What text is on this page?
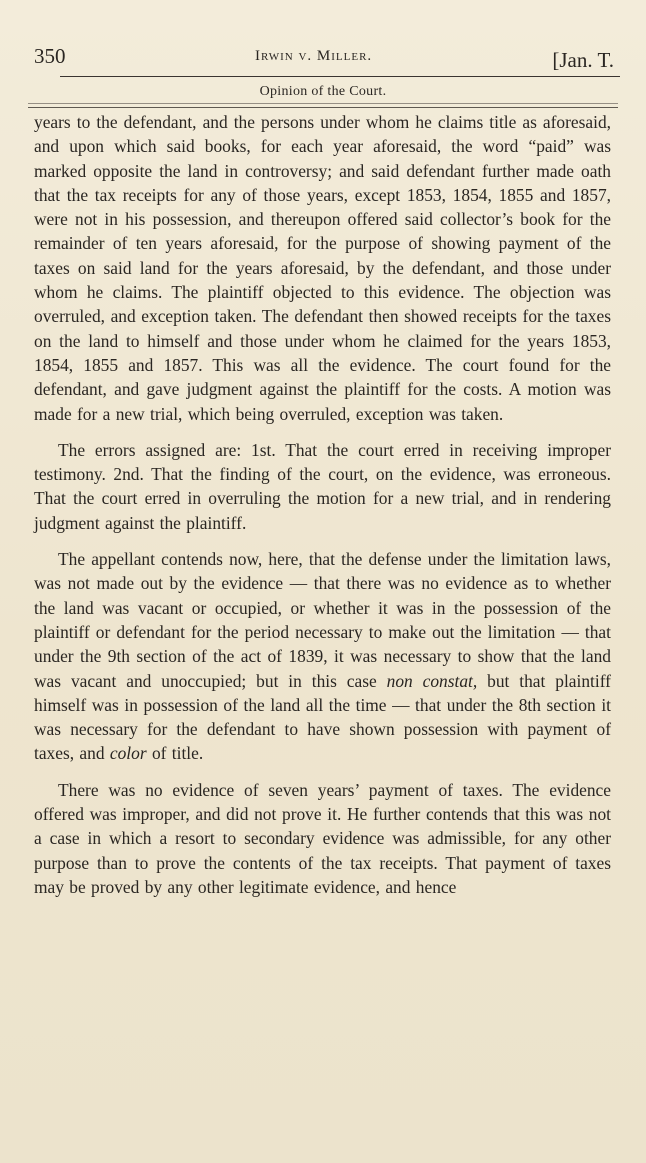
350	Irwin v. Miller.	[Jan. T.
Opinion of the Court.

years to the defendant, and the persons under whom he claims title as aforesaid, and upon which said books, for each year aforesaid, the word “paid” was marked opposite the land in controversy; and said defendant further made oath that the tax receipts for any of those years, except 1853, 1854, 1855 and 1857, were not in his possession, and thereupon offered said collector’s book for the remainder of ten years aforesaid, for the purpose of showing payment of the taxes on said land for the years aforesaid, by the defendant, and those under whom he claims. The plaintiff objected to this evidence. The objection was overruled, and exception taken. The defendant then showed receipts for the taxes on the land to himself and those under whom he claimed for the years 1853, 1854, 1855 and 1857. This was all the evidence. The court found for the defendant, and gave judgment against the plaintiff for the costs. A motion was made for a new trial, which being overruled, exception was taken.

The errors assigned are: 1st. That the court erred in receiving improper testimony. 2nd. That the finding of the court, on the evidence, was erroneous. That the court erred in overruling the motion for a new trial, and in rendering judgment against the plaintiff.

The appellant contends now, here, that the defense under the limitation laws, was not made out by the evidence — that there was no evidence as to whether the land was vacant or occupied, or whether it was in the possession of the plaintiff or defendant for the period necessary to make out the limitation — that under the 9th section of the act of 1839, it was necessary to show that the land was vacant and unoccupied; but in this case non constat, but that plaintiff himself was in possession of the land all the time — that under the 8th section it was necessary for the defendant to have shown possession with payment of taxes, and color of title.

There was no evidence of seven years’ payment of taxes. The evidence offered was improper, and did not prove it. He further contends that this was not a case in which a resort to secondary evidence was admissible, for any other purpose than to prove the contents of the tax receipts. That payment of taxes may be proved by any other legitimate evidence, and hence
